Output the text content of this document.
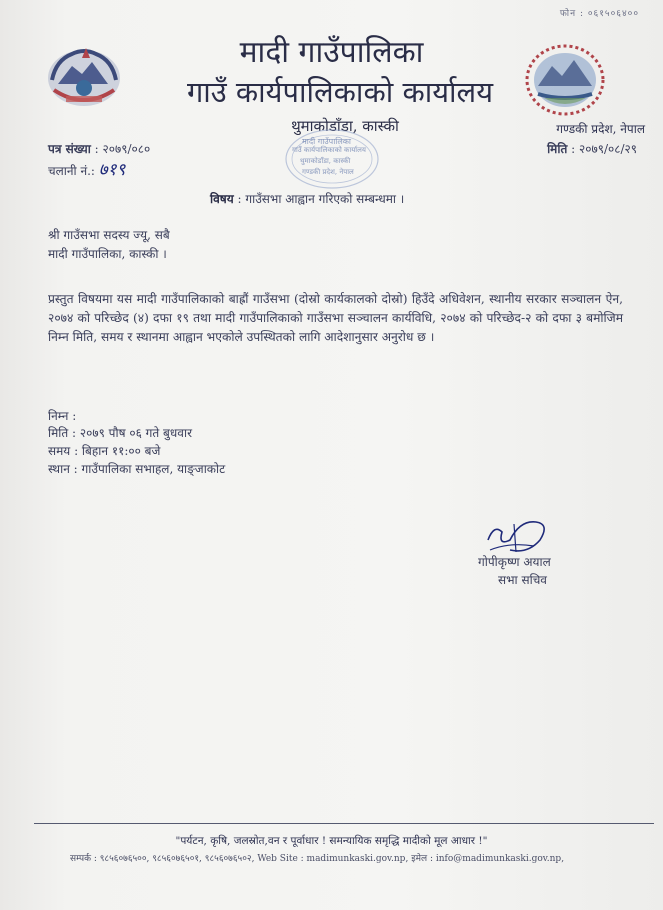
फोन : ०६१५०६४००
मादी गाउँपालिका
गाउँ कार्यपालिकाको कार्यालय
थुमाकोडाँडा, कास्की	गण्डकी प्रदेश, नेपाल
मादी गाउँपालिका
गाउँ कार्यपालिकाको कार्यालय
थुमाकोडाँडा, कास्की
गण्डकी प्रदेश, नेपाल
पत्र संख्या : २०७९/०८०
चलानी नं.: ७१९
मिति : २०७९/०८/२९
विषय : गाउँसभा आह्वान गरिएको सम्बन्धमा ।
श्री गाउँसभा सदस्य ज्यू, सबै
मादी गाउँपालिका, कास्की ।
प्रस्तुत विषयमा यस मादी गाउँपालिकाको बाह्रौं गाउँसभा (दोस्रो कार्यकालको दोस्रो) हिउँदे अधिवेशन, स्थानीय सरकार सञ्चालन ऐन, २०७४ को परिच्छेद (४) दफा १९ तथा मादी गाउँपालिकाको गाउँसभा सञ्चालन कार्यविधि, २०७४ को परिच्छेद-२ को दफा ३ बमोजिम निम्न मिति, समय र स्थानमा आह्वान भएकोले उपस्थितको लागि आदेशानुसार अनुरोध छ ।
निम्न :
मिति : २०७९ पौष ०६ गते बुधवार
समय : बिहान ११:०० बजे
स्थान : गाउँपालिका सभाहल, याङ्जाकोट
गोपीकृष्ण अयाल
सभा सचिव
"पर्यटन, कृषि, जलस्रोत,वन र पूर्वाधार ! समन्यायिक समृद्धि मादीको मूल आधार !"
सम्पर्क : ९८५६०७६५००, ९८५६०७६५०१, ९८५६०७६५०२, Web Site : madimunkaski.gov.np, इमेल : info@madimunkaski.gov.np,
